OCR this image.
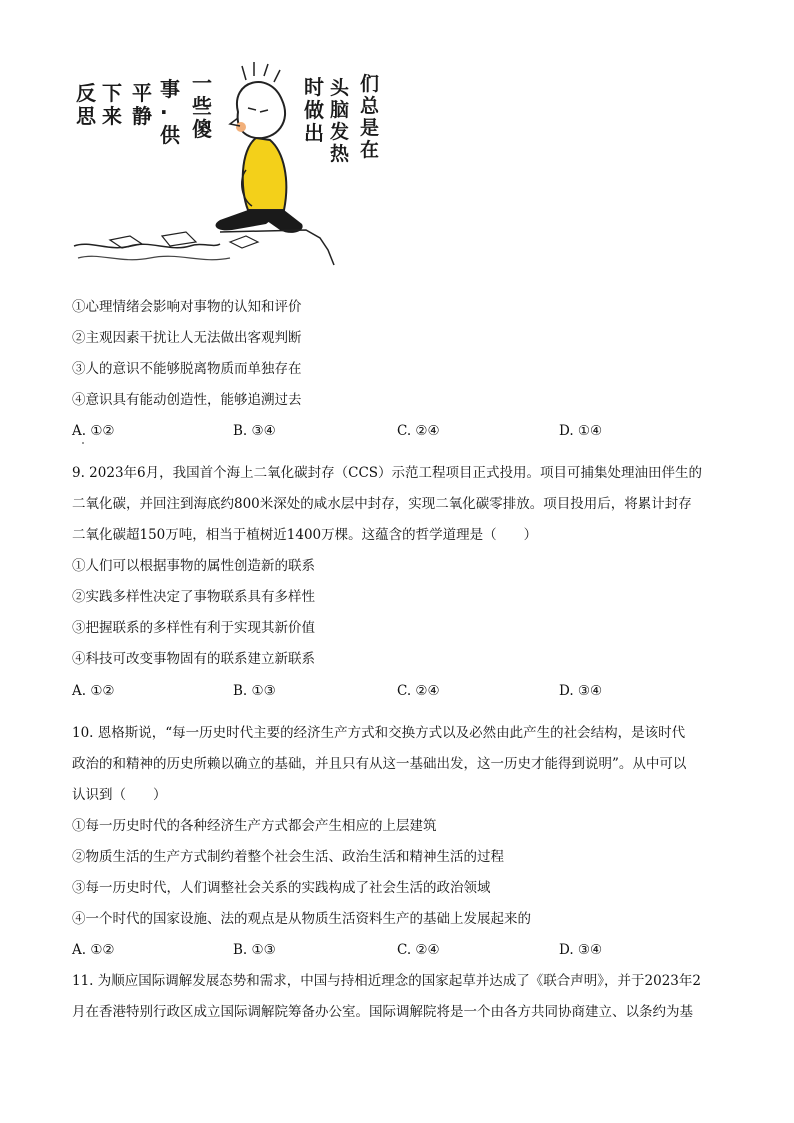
反
思
下
来
平
静
事
·
供
一
些
傻
时
做
出
头
脑
发
热
们
总
是
在
①心理情绪会影响对事物的认知和评价
②主观因素干扰让人无法做出客观判断
③人的意识不能够脱离物质而单独存在
④意识具有能动创造性，能够追溯过去
A. ①②	B. ③④	C. ②④	D. ①④
9. 2023年6月，我国首个海上二氧化碳封存（CCS）示范工程项目正式投用。项目可捕集处理油田伴生的
二氧化碳，并回注到海底约800米深处的咸水层中封存，实现二氧化碳零排放。项目投用后，将累计封存
二氧化碳超150万吨，相当于植树近1400万棵。这蕴含的哲学道理是（　　）
①人们可以根据事物的属性创造新的联系
②实践多样性决定了事物联系具有多样性
③把握联系的多样性有利于实现其新价值
④科技可改变事物固有的联系建立新联系
A. ①②	B. ①③	C. ②④	D. ③④
10. 恩格斯说，“每一历史时代主要的经济生产方式和交换方式以及必然由此产生的社会结构，是该时代
政治的和精神的历史所赖以确立的基础，并且只有从这一基础出发，这一历史才能得到说明”。从中可以
认识到（　　）
①每一历史时代的各种经济生产方式都会产生相应的上层建筑
②物质生活的生产方式制约着整个社会生活、政治生活和精神生活的过程
③每一历史时代，人们调整社会关系的实践构成了社会生活的政治领域
④一个时代的国家设施、法的观点是从物质生活资料生产的基础上发展起来的
A. ①②	B. ①③	C. ②④	D. ③④
11. 为顺应国际调解发展态势和需求，中国与持相近理念的国家起草并达成了《联合声明》，并于2023年2
月在香港特别行政区成立国际调解院筹备办公室。国际调解院将是一个由各方共同协商建立、以条约为基
